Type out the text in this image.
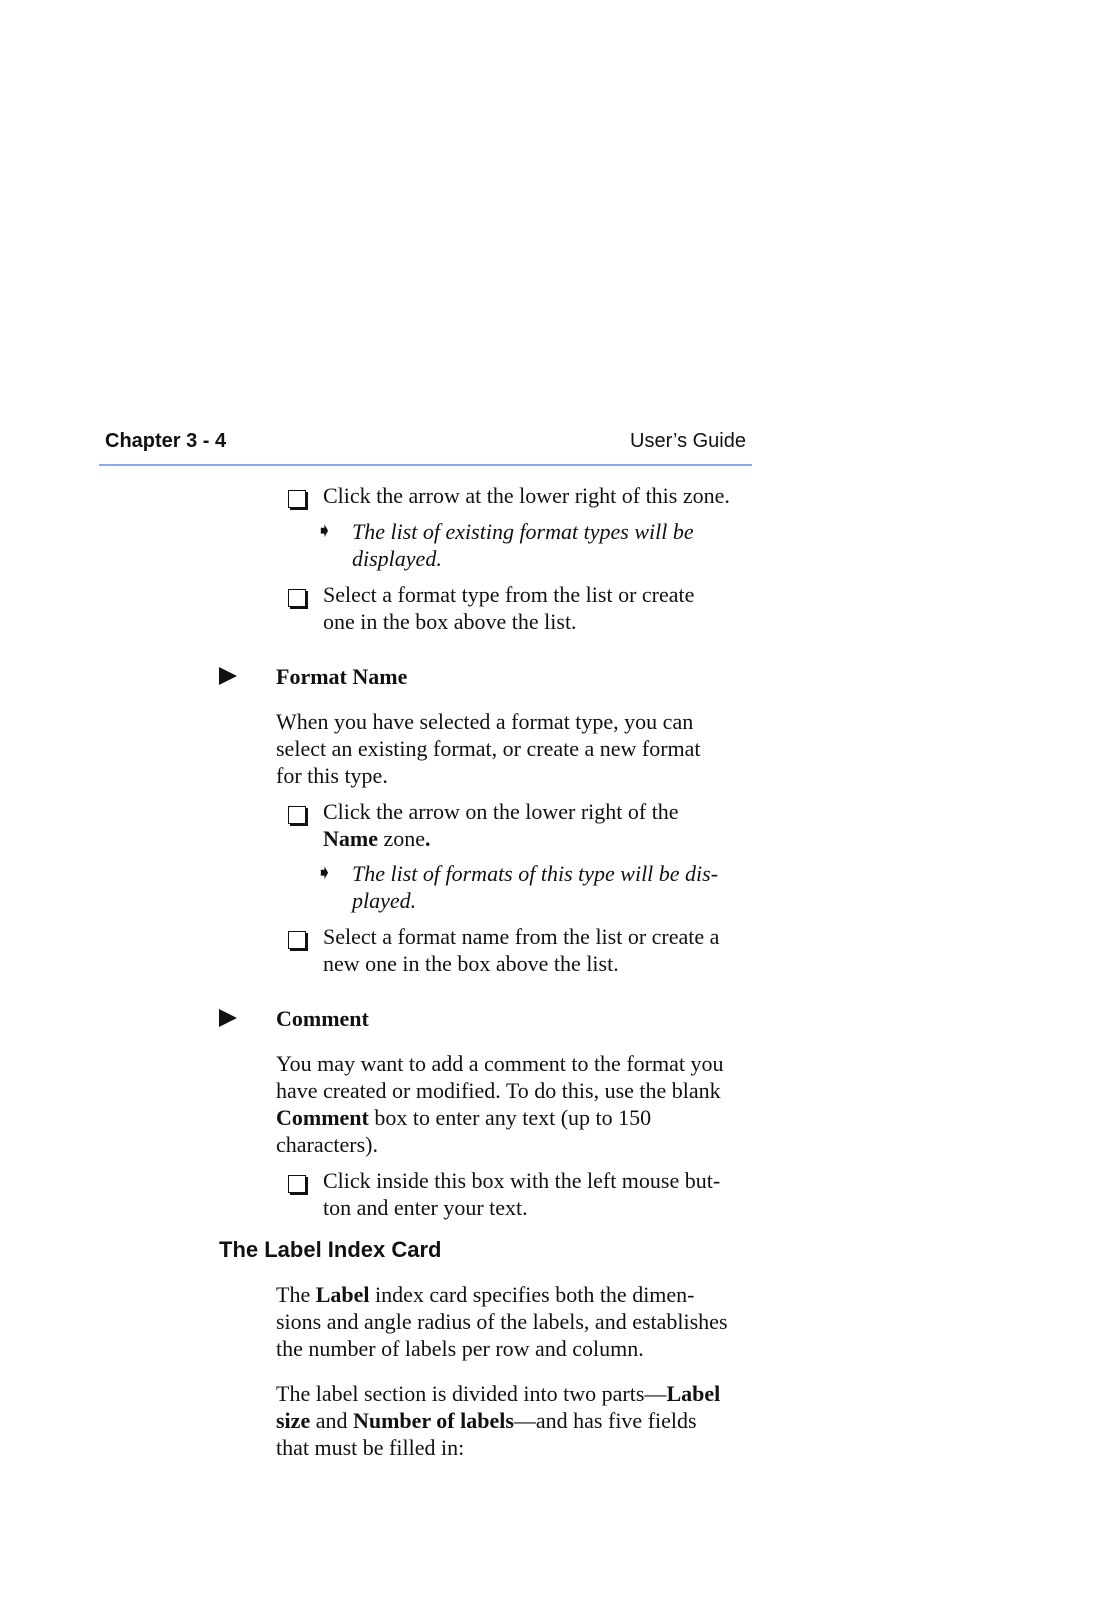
Chapter 3 - 4	User’s Guide

Click the arrow at the lower right of this zone.

➧ The list of existing format types will be

displayed.

Select a format type from the list or create

one in the box above the list.

Format Name

When you have selected a format type, you can

select an existing format, or create a new format

for this type.

Click the arrow on the lower right of the

Name zone.

➧ The list of formats of this type will be dis-

played.

Select a format name from the list or create a

new one in the box above the list.

Comment

You may want to add a comment to the format you

have created or modified. To do this, use the blank

Comment box to enter any text (up to 150

characters).

Click inside this box with the left mouse but-

ton and enter your text.

The Label Index Card

The Label index card specifies both the dimen-

sions and angle radius of the labels, and establishes

the number of labels per row and column.

The label section is divided into two parts—Label

size and Number of labels—and has five fields

that must be filled in:
